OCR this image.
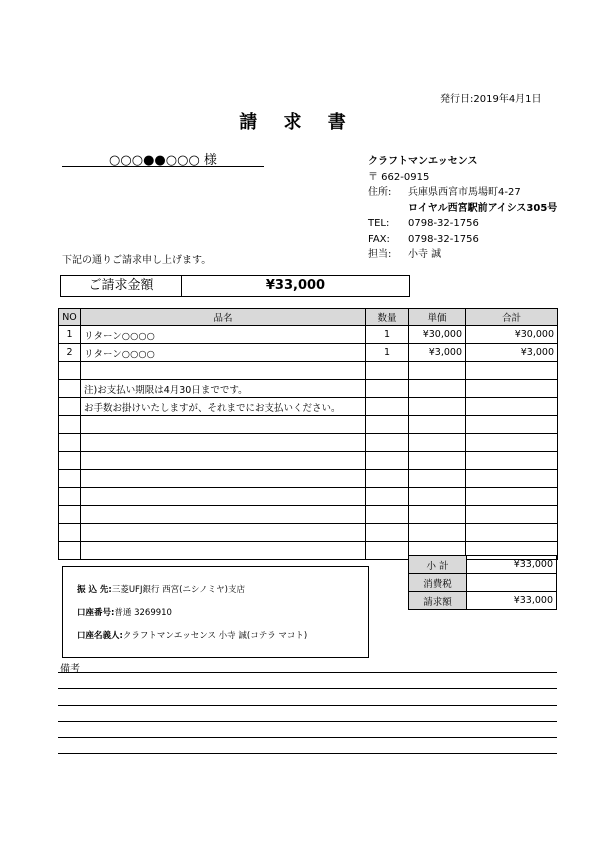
発行日:2019年4月1日
請 求 書
○○○●●○○○ 様	クラフトマンエッセンス
〒 662-0915
住所:	兵庫県西宮市馬場町4-27
ロイヤル西宮駅前アイシス305号
TEL:	0798-32-1756
FAX:	0798-32-1756
担当:	小寺 誠
下記の通りご請求申し上げます。
ご請求金額	¥33,000
NO	品名	数量	単価	合計
1	リターン○○○○	1	¥30,000	¥30,000
2	リターン○○○○	1	¥3,000	¥3,000

	注)お支払い期限は4月30日までです。			
	お手数お掛けいたしますが、それまでにお支払いください。			

小 計	¥33,000
消費税	
請求額	¥33,000
振 込 先:三菱UFJ銀行 西宮(ニシノミヤ)支店
口座番号:普通 3269910
口座名義人:クラフトマンエッセンス 小寺 誠(コテラ マコト)
備考
